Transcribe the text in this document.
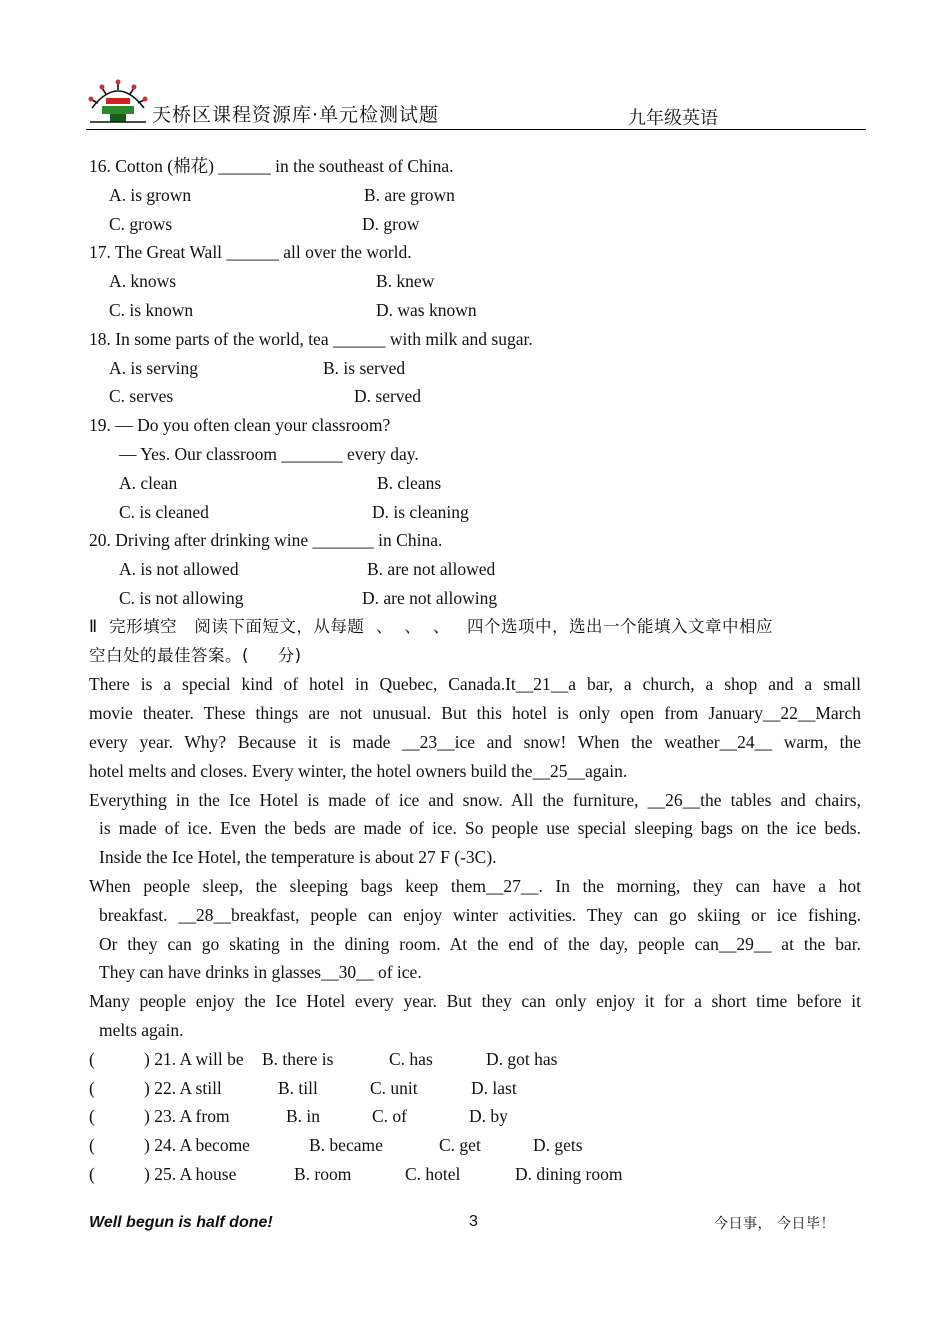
天桥区课程资源库·单元检测试题	九年级英语
16. Cotton (棉花) ______ in the southeast of China.
A. is grown	B. are grown
C. grows	D. grow
17. The Great Wall ______ all over the world.
A. knows	B. knew
C. is known	D. was known
18. In some parts of the world, tea ______ with milk and sugar.
A. is serving	B. is served
C. serves	D. served
19. — Do you often clean your classroom?
— Yes. Our classroom _______ every day.
A. clean	B. cleans
C. is cleaned	D. is cleaning
20. Driving after drinking wine _______ in China.
A. is not allowed	B. are not allowed
C. is not allowing	D. are not allowing
Ⅱ  完形填空   阅读下面短文，从每题  、  、  、   四个选项中，选出一个能填入文章中相应
空白处的最佳答案。(     分)
There is a special kind of hotel in Quebec, Canada.It__21__a bar, a church, a shop and a small
movie theater. These things are not unusual. But this hotel is only open from January__22__March
every year. Why? Because it is made __23__ice and snow! When the weather__24__ warm, the
hotel melts and closes. Every winter, the hotel owners build the__25__again.
Everything in the Ice Hotel is made of ice and snow. All the furniture, __26__the tables and chairs,
is made of ice. Even the beds are made of ice. So people use special sleeping bags on the ice beds.
Inside the Ice Hotel, the temperature is about 27 F (-3C).
When people sleep, the sleeping bags keep them__27__. In the morning, they can have a hot
breakfast. __28__breakfast, people can enjoy winter activities. They can go skiing or ice fishing.
Or they can go skating in the dining room. At the end of the day, people can__29__ at the bar.
They can have drinks in glasses__30__ of ice.
Many people enjoy the Ice Hotel every year. But they can only enjoy it for a short time before it
melts again.
(	) 21. A will be B. there is	C. has	D. got has
(	) 22. A still	B. till	C. unit	D. last
(	) 23. A from	B. in	C. of	D. by
(	) 24. A become	B. became	C. get	D. gets
(	) 25. A house	B. room	C. hotel	D. dining room
Well begun is half done!	3	今日事， 今日毕！
